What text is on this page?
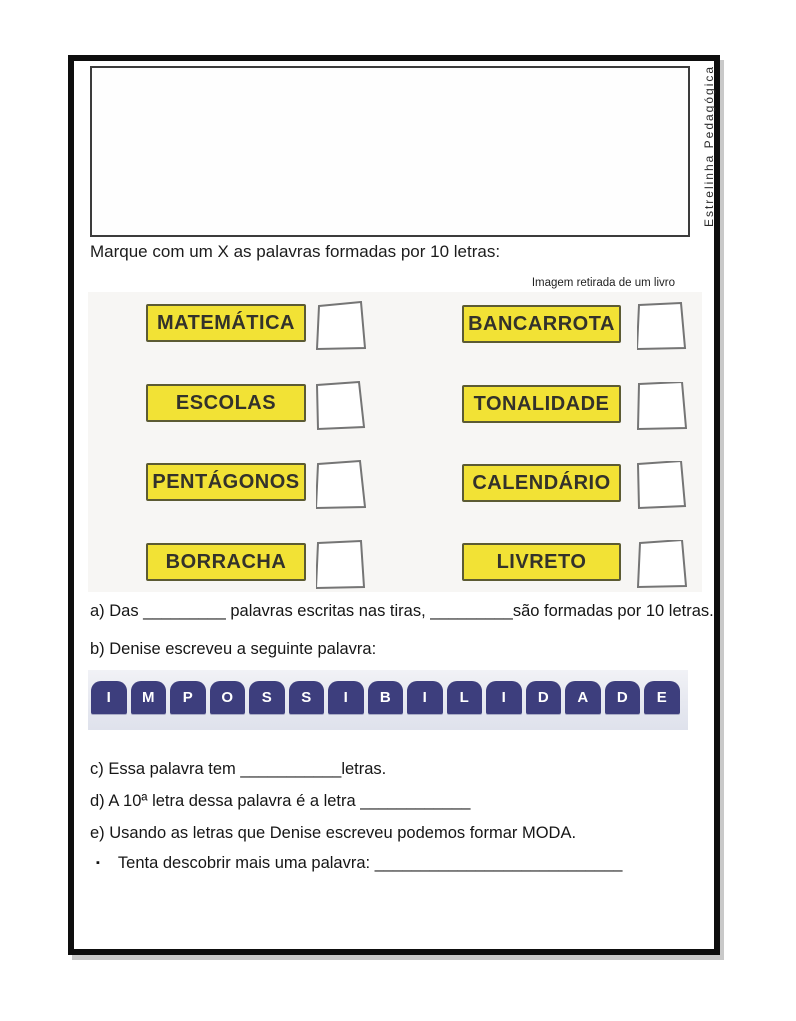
Estrelinha Pedagógica
Marque com um X as palavras formadas por 10 letras:
Imagem retirada de um livro
MATEMÁTICA	BANCARROTA
ESCOLAS	TONALIDADE
PENTÁGONOS	CALENDÁRIO
BORRACHA	LIVRETO
a) Das _________ palavras escritas nas tiras, _________são formadas por 10 letras.
b) Denise escreveu a seguinte palavra:
I	M	P	O	S	S	I	B	I	L	I	D	A	D	E
c) Essa palavra tem ___________letras.
d) A 10ª letra dessa palavra é a letra ____________
e) Usando as letras que Denise escreveu podemos formar MODA.
▪ Tenta descobrir mais uma palavra: ___________________________
